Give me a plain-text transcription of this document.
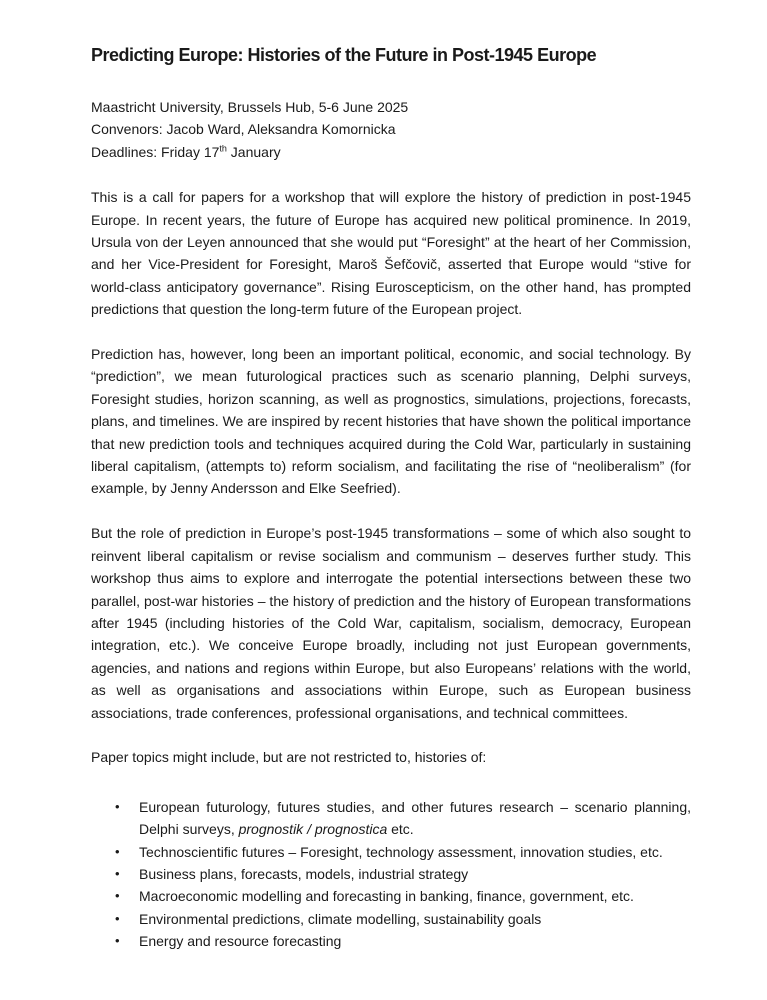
Predicting Europe: Histories of the Future in Post-1945 Europe
Maastricht University, Brussels Hub, 5-6 June 2025
Convenors: Jacob Ward, Aleksandra Komornicka
Deadlines: Friday 17th January

This is a call for papers for a workshop that will explore the history of prediction in post-1945 Europe. In recent years, the future of Europe has acquired new political prominence. In 2019, Ursula von der Leyen announced that she would put “Foresight” at the heart of her Commission, and her Vice-President for Foresight, Maroš Šefčovič, asserted that Europe would “stive for world-class anticipatory governance”. Rising Euroscepticism, on the other hand, has prompted predictions that question the long-term future of the European project.

Prediction has, however, long been an important political, economic, and social technology. By “prediction”, we mean futurological practices such as scenario planning, Delphi surveys, Foresight studies, horizon scanning, as well as prognostics, simulations, projections, forecasts, plans, and timelines. We are inspired by recent histories that have shown the political importance that new prediction tools and techniques acquired during the Cold War, particularly in sustaining liberal capitalism, (attempts to) reform socialism, and facilitating the rise of “neoliberalism” (for example, by Jenny Andersson and Elke Seefried).

But the role of prediction in Europe’s post-1945 transformations – some of which also sought to reinvent liberal capitalism or revise socialism and communism – deserves further study. This workshop thus aims to explore and interrogate the potential intersections between these two parallel, post-war histories – the history of prediction and the history of European transformations after 1945 (including histories of the Cold War, capitalism, socialism, democracy, European integration, etc.). We conceive Europe broadly, including not just European governments, agencies, and nations and regions within Europe, but also Europeans’ relations with the world, as well as organisations and associations within Europe, such as European business associations, trade conferences, professional organisations, and technical committees.

Paper topics might include, but are not restricted to, histories of:

• European futurology, futures studies, and other futures research – scenario planning, Delphi surveys, prognostik / prognostica etc.
• Technoscientific futures – Foresight, technology assessment, innovation studies, etc.
• Business plans, forecasts, models, industrial strategy
• Macroeconomic modelling and forecasting in banking, finance, government, etc.
• Environmental predictions, climate modelling, sustainability goals
• Energy and resource forecasting
